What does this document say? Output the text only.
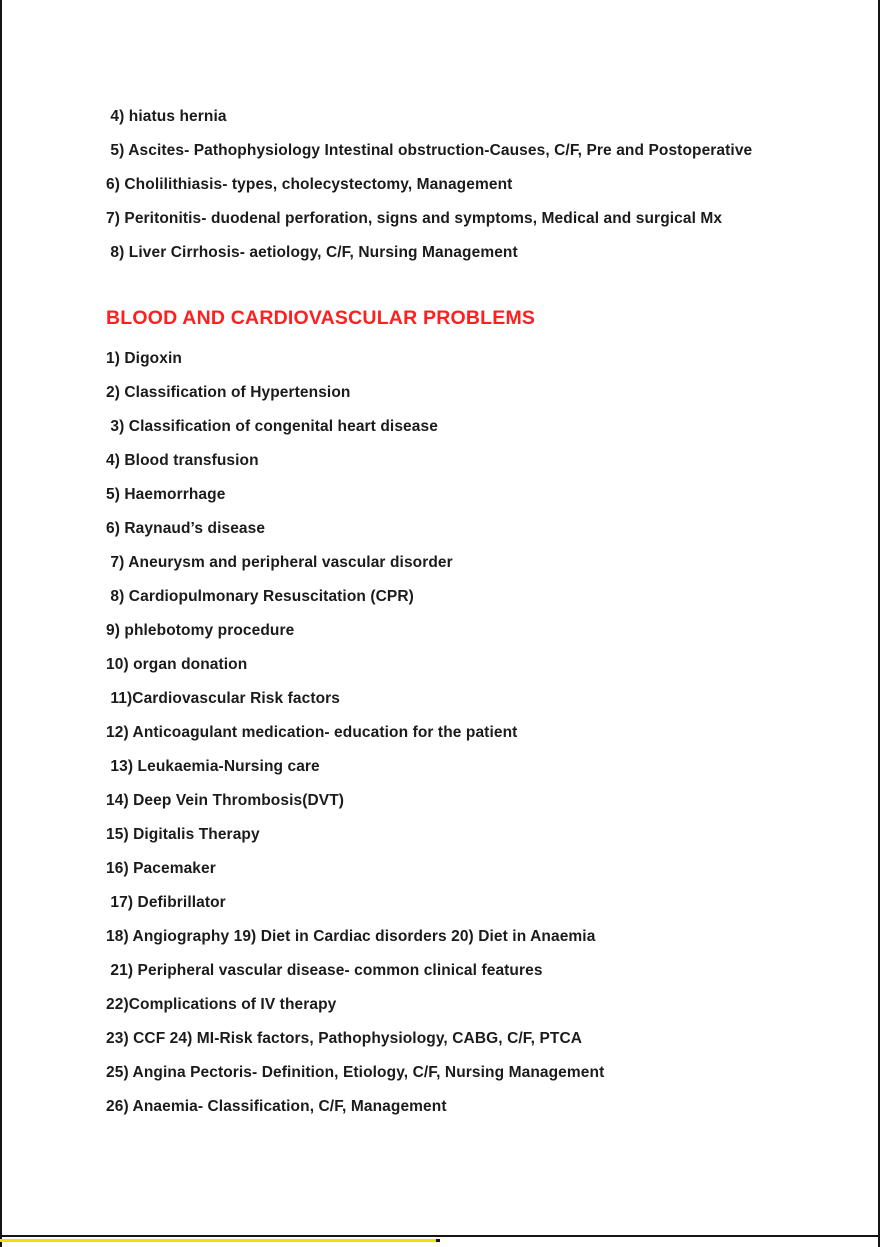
4) hiatus hernia
5) Ascites- Pathophysiology Intestinal obstruction-Causes, C/F, Pre and Postoperative
6) Cholilithiasis- types, cholecystectomy, Management
7) Peritonitis- duodenal perforation, signs and symptoms, Medical and surgical Mx
8) Liver Cirrhosis- aetiology, C/F, Nursing Management
BLOOD AND CARDIOVASCULAR PROBLEMS
1) Digoxin
2) Classification of Hypertension
3) Classification of congenital heart disease
4) Blood transfusion
5) Haemorrhage
6) Raynaud’s disease
7) Aneurysm and peripheral vascular disorder
8) Cardiopulmonary Resuscitation (CPR)
9) phlebotomy procedure
10) organ donation
11)Cardiovascular Risk factors
12) Anticoagulant medication- education for the patient
13) Leukaemia-Nursing care
14) Deep Vein Thrombosis(DVT)
15) Digitalis Therapy
16) Pacemaker
17) Defibrillator
18) Angiography 19) Diet in Cardiac disorders 20) Diet in Anaemia
21) Peripheral vascular disease- common clinical features
22)Complications of IV therapy
23) CCF 24) MI-Risk factors, Pathophysiology, CABG, C/F, PTCA
25) Angina Pectoris- Definition, Etiology, C/F, Nursing Management
26) Anaemia- Classification, C/F, Management
